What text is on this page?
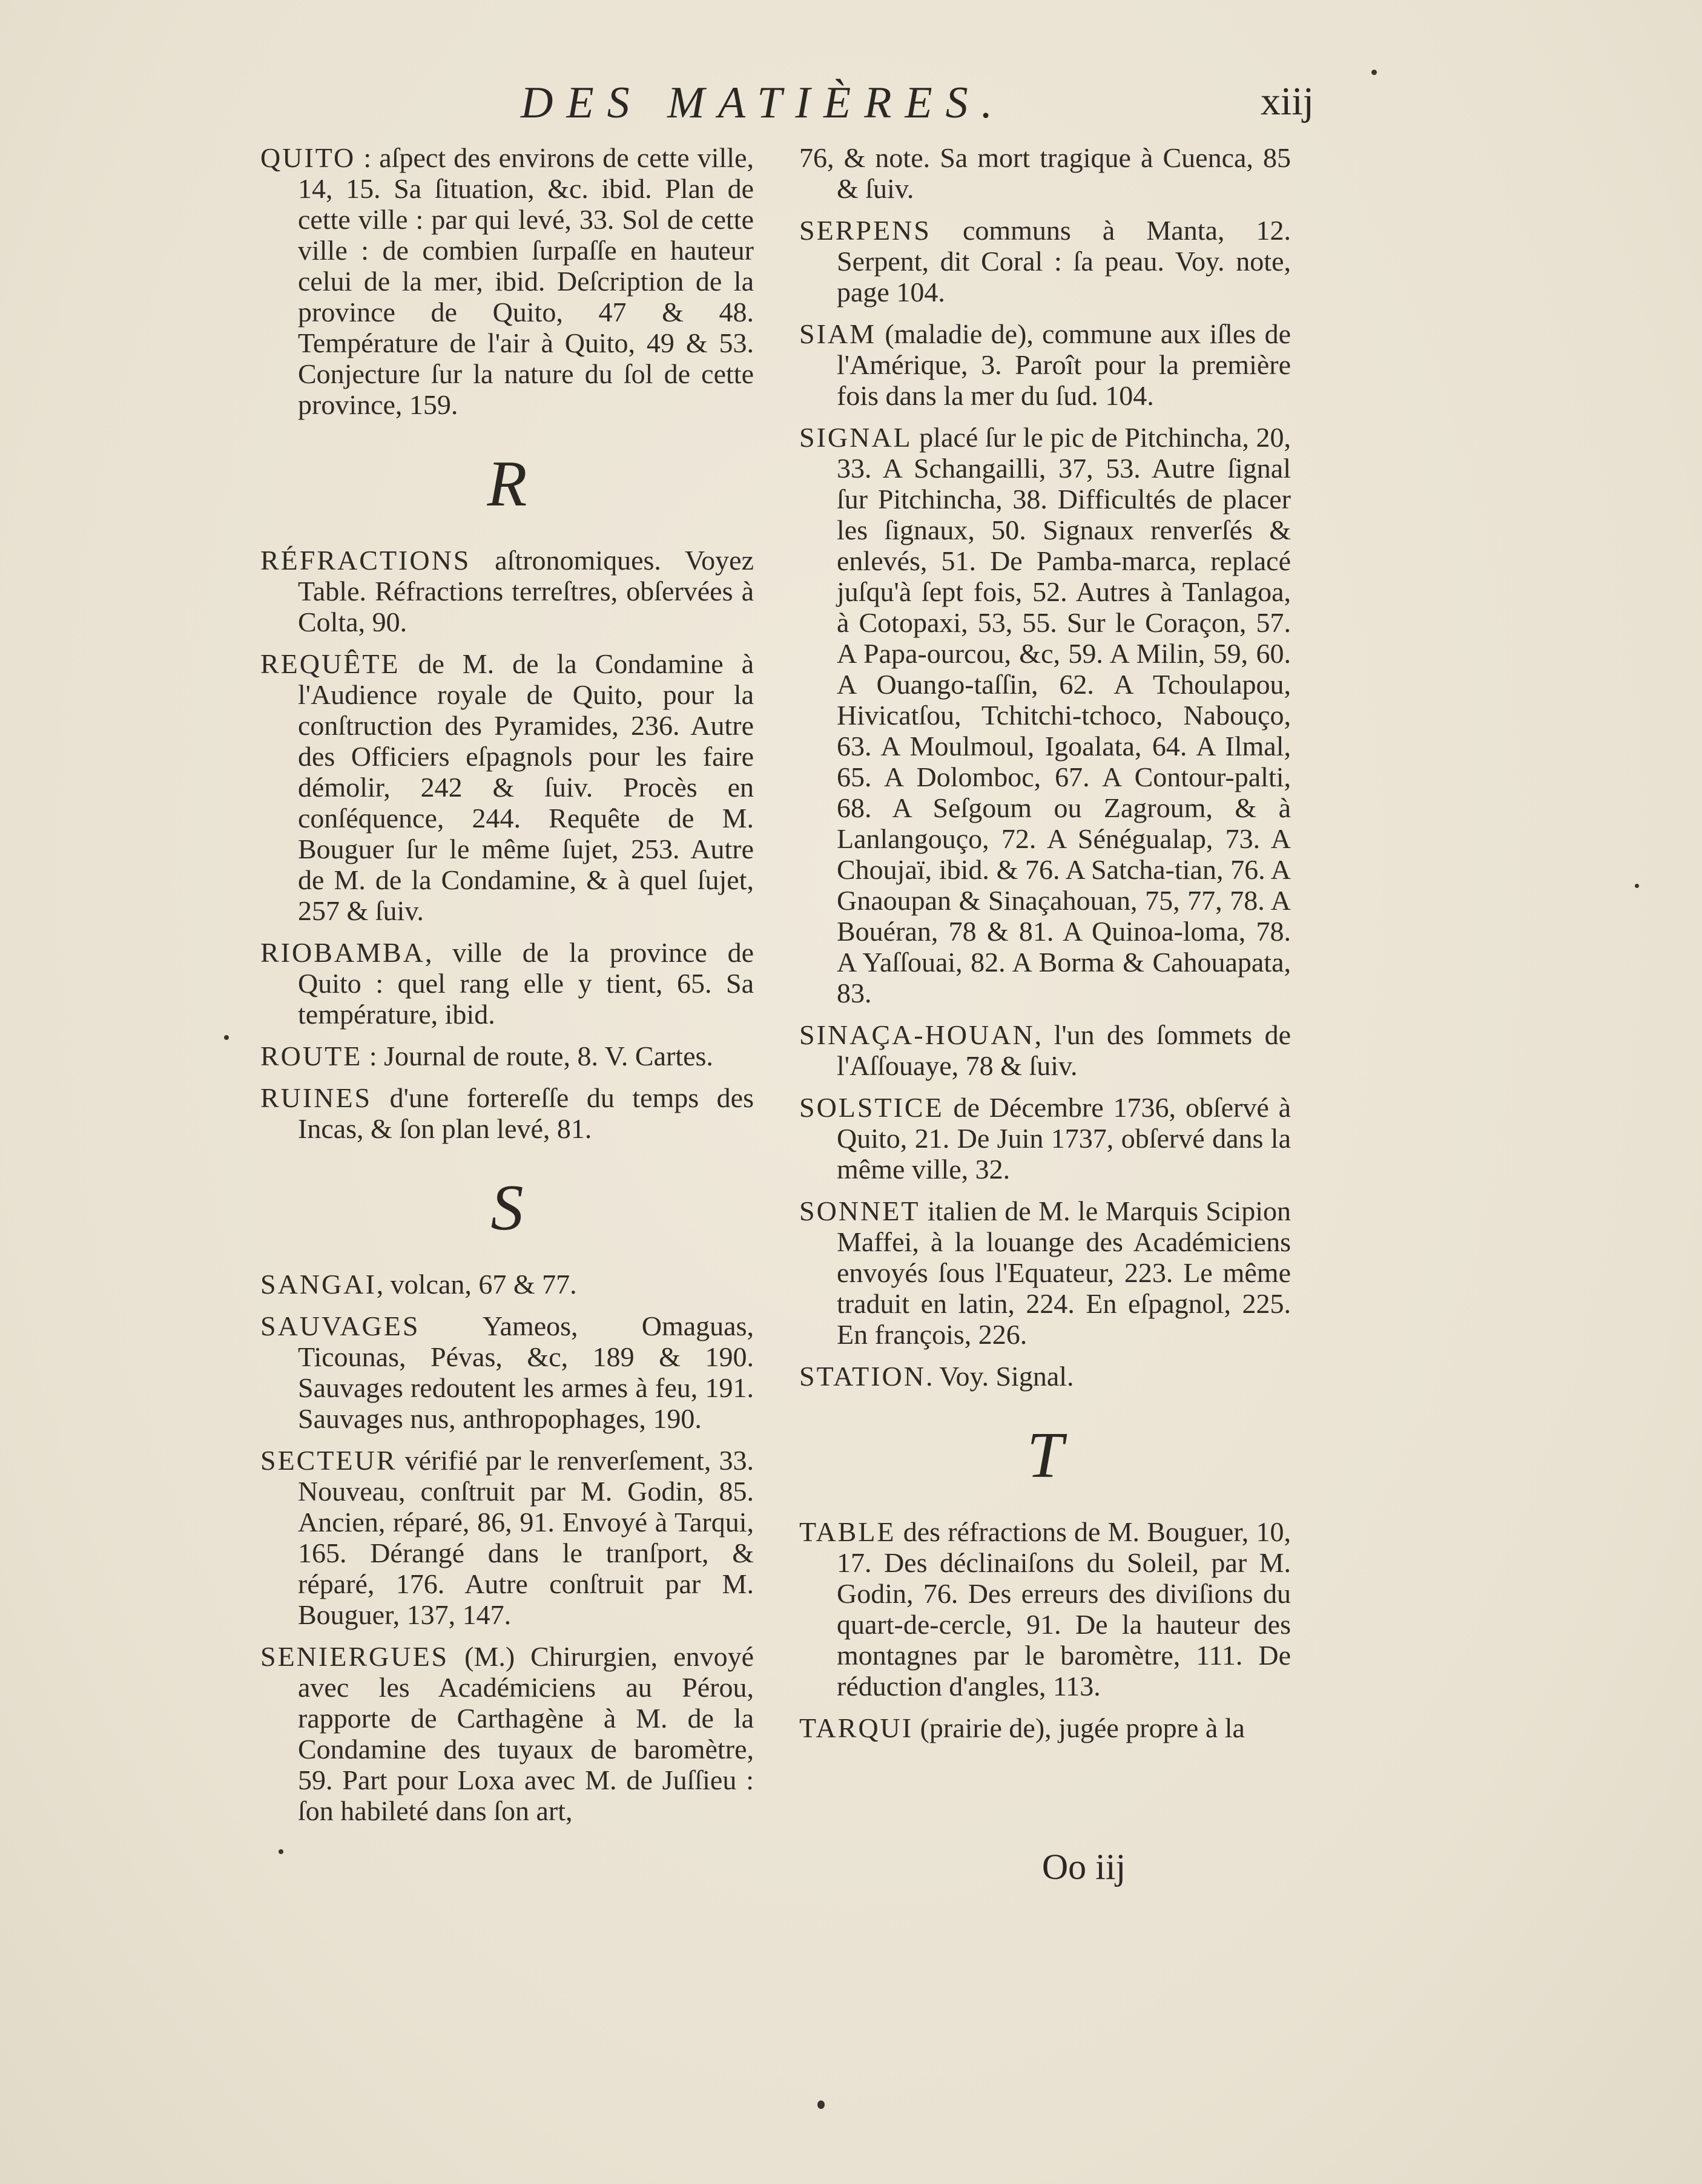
DES MATIÈRES.	xiij

QUITO : aſpect des environs de cette ville, 14, 15. Sa ſituation, &c. ibid. Plan de cette ville : par qui levé, 33. Sol de cette ville : de combien ſurpaſſe en hauteur celui de la mer, ibid. Deſcription de la province de Quito, 47 & 48. Température de l'air à Quito, 49 & 53. Conjecture ſur la nature du ſol de cette province, 159.

R

RÉFRACTIONS aſtronomiques. Voyez Table. Réfractions terreſtres, obſervées à Colta, 90.

REQUÊTE de M. de la Condamine à l'Audience royale de Quito, pour la conſtruction des Pyramides, 236. Autre des Officiers eſpagnols pour les faire démolir, 242 & ſuiv. Procès en conſéquence, 244. Requête de M. Bouguer ſur le même ſujet, 253. Autre de M. de la Condamine, & à quel ſujet, 257 & ſuiv.

RIOBAMBA, ville de la province de Quito : quel rang elle y tient, 65. Sa température, ibid.

ROUTE : Journal de route, 8. V. Cartes.

RUINES d'une fortereſſe du temps des Incas, & ſon plan levé, 81.

S

SANGAI, volcan, 67 & 77.

SAUVAGES Yameos, Omaguas, Ticounas, Pévas, &c, 189 & 190. Sauvages redoutent les armes à feu, 191. Sauvages nus, anthropophages, 190.

SECTEUR vérifié par le renverſement, 33. Nouveau, conſtruit par M. Godin, 85. Ancien, réparé, 86, 91. Envoyé à Tarqui, 165. Dérangé dans le tranſport, & réparé, 176. Autre conſtruit par M. Bouguer, 137, 147.

SENIERGUES (M.) Chirurgien, envoyé avec les Académiciens au Pérou, rapporte de Carthagène à M. de la Condamine des tuyaux de baromètre, 59. Part pour Loxa avec M. de Juſſieu : ſon habileté dans ſon art,

76, & note. Sa mort tragique à Cuenca, 85 & ſuiv.

SERPENS communs à Manta, 12. Serpent, dit Coral : ſa peau. Voy. note, page 104.

SIAM (maladie de), commune aux iſles de l'Amérique, 3. Paroît pour la première fois dans la mer du ſud. 104.

SIGNAL placé ſur le pic de Pitchincha, 20, 33. A Schangailli, 37, 53. Autre ſignal ſur Pitchincha, 38. Difficultés de placer les ſignaux, 50. Signaux renverſés & enlevés, 51. De Pamba-marca, replacé juſqu'à ſept fois, 52. Autres à Tanlagoa, à Cotopaxi, 53, 55. Sur le Coraçon, 57. A Papa-ourcou, &c, 59. A Milin, 59, 60. A Ouango-taſſin, 62. A Tchoulapou, Hivicatſou, Tchitchi-tchoco, Nabouço, 63. A Moulmoul, Igoalata, 64. A Ilmal, 65. A Dolomboc, 67. A Contour-palti, 68. A Seſgoum ou Zagroum, & à Lanlangouço, 72. A Sénégualap, 73. A Choujaï, ibid. & 76. A Satcha-tian, 76. A Gnaoupan & Sinaçahouan, 75, 77, 78. A Bouéran, 78 & 81. A Quinoa-loma, 78. A Yaſſouai, 82. A Borma & Cahouapata, 83.

SINAÇA-HOUAN, l'un des ſommets de l'Aſſouaye, 78 & ſuiv.

SOLSTICE de Décembre 1736, obſervé à Quito, 21. De Juin 1737, obſervé dans la même ville, 32.

SONNET italien de M. le Marquis Scipion Maffei, à la louange des Académiciens envoyés ſous l'Equateur, 223. Le même traduit en latin, 224. En eſpagnol, 225. En françois, 226.

STATION. Voy. Signal.

T

TABLE des réfractions de M. Bouguer, 10, 17. Des déclinaiſons du Soleil, par M. Godin, 76. Des erreurs des diviſions du quart-de-cercle, 91. De la hauteur des montagnes par le baromètre, 111. De réduction d'angles, 113.

TARQUI (prairie de), jugée propre à la

Oo iij
